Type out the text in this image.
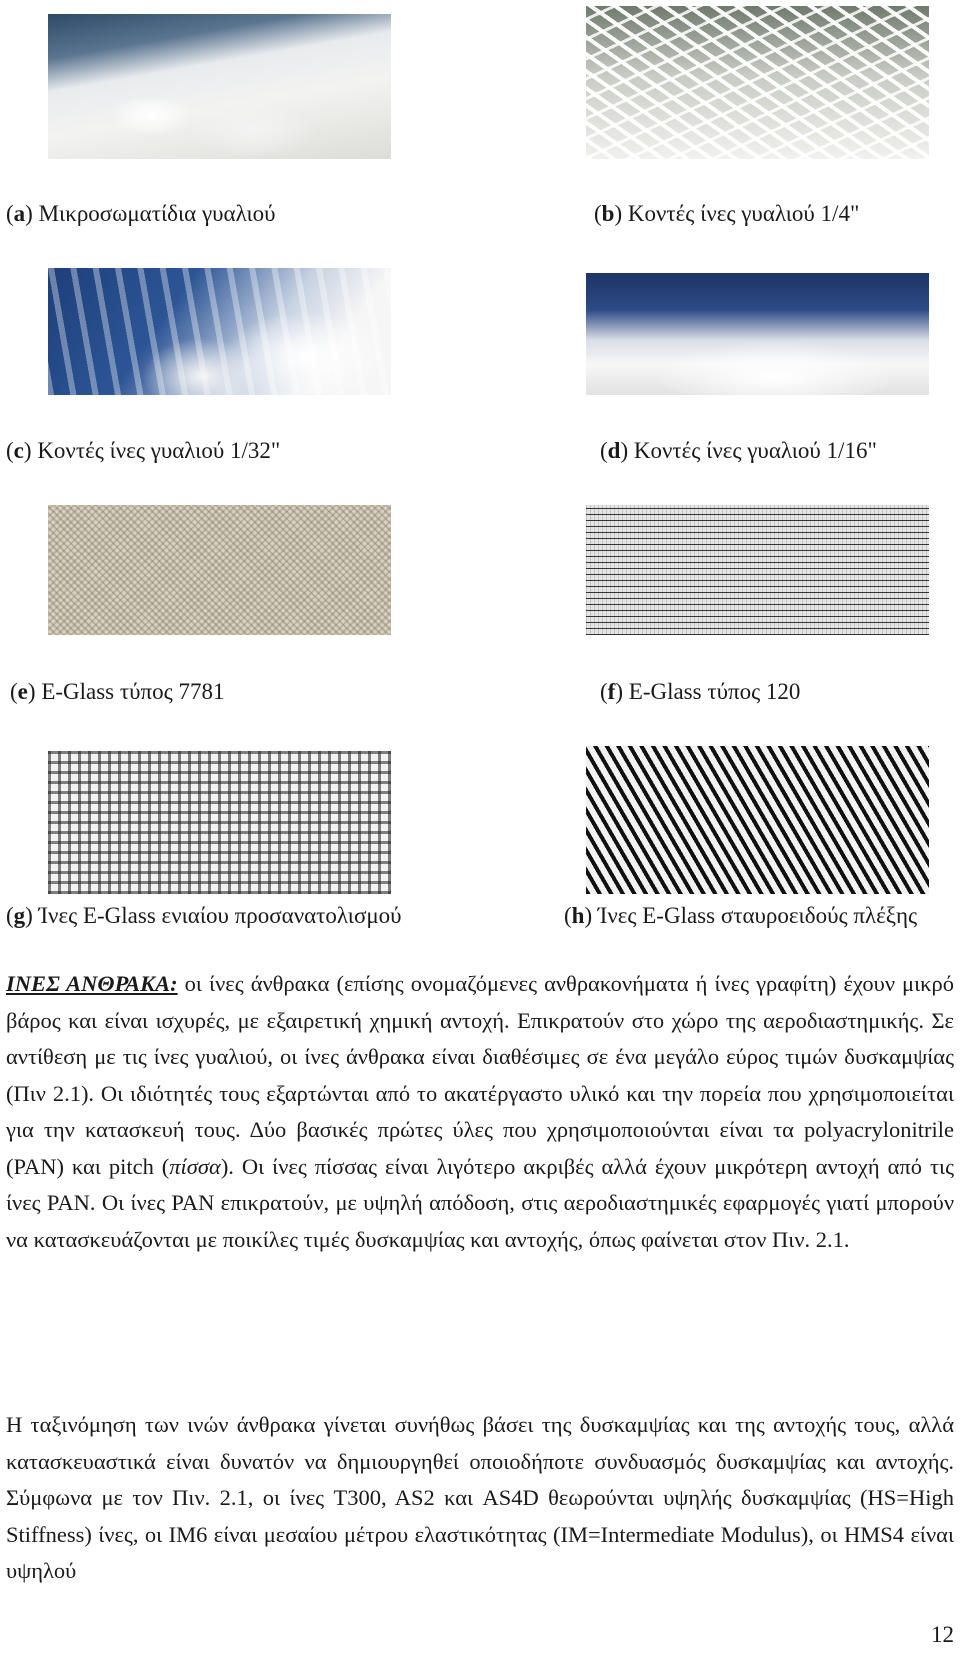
(a) Μικροσωματίδια γυαλιού	(b) Κοντές ίνες γυαλιού 1/4"
(c) Κοντές ίνες γυαλιού 1/32"	(d) Κοντές ίνες γυαλιού 1/16"
(e) E-Glass τύπος 7781	(f) E-Glass τύπος 120
(g) Ίνες E-Glass ενιαίου προσανατολισμού	(h) Ίνες E-Glass σταυροειδούς πλέξης
ΙΝΕΣ ΑΝΘΡΑΚΑ: οι ίνες άνθρακα (επίσης ονομαζόμενες ανθρακονήματα ή ίνες γραφίτη) έχουν μικρό βάρος και είναι ισχυρές, με εξαιρετική χημική αντοχή. Επικρατούν στο χώρο της αεροδιαστημικής. Σε αντίθεση με τις ίνες γυαλιού, οι ίνες άνθρακα είναι διαθέσιμες σε ένα μεγάλο εύρος τιμών δυσκαμψίας (Πιν 2.1). Οι ιδιότητές τους εξαρτώνται από το ακατέργαστο υλικό και την πορεία που χρησιμοποιείται για την κατασκευή τους. Δύο βασικές πρώτες ύλες που χρησιμοποιούνται είναι τα polyacrylonitrile (PAN) και pitch (πίσσα). Οι ίνες πίσσας είναι λιγότερο ακριβές αλλά έχουν μικρότερη αντοχή από τις ίνες PAN. Οι ίνες PAN επικρατούν, με υψηλή απόδοση, στις αεροδιαστημικές εφαρμογές γιατί μπορούν να κατασκευάζονται με ποικίλες τιμές δυσκαμψίας και αντοχής, όπως φαίνεται στον Πιν. 2.1.
Η ταξινόμηση των ινών άνθρακα γίνεται συνήθως βάσει της δυσκαμψίας και της αντοχής τους, αλλά κατασκευαστικά είναι δυνατόν να δημιουργηθεί οποιοδήποτε συνδυασμός δυσκαμψίας και αντοχής. Σύμφωνα με τον Πιν. 2.1, οι ίνες T300, AS2 και AS4D θεωρούνται υψηλής δυσκαμψίας (HS=High Stiffness) ίνες, οι IM6 είναι μεσαίου μέτρου ελαστικότητας (IM=Intermediate Modulus), οι HMS4 είναι υψηλού
12
